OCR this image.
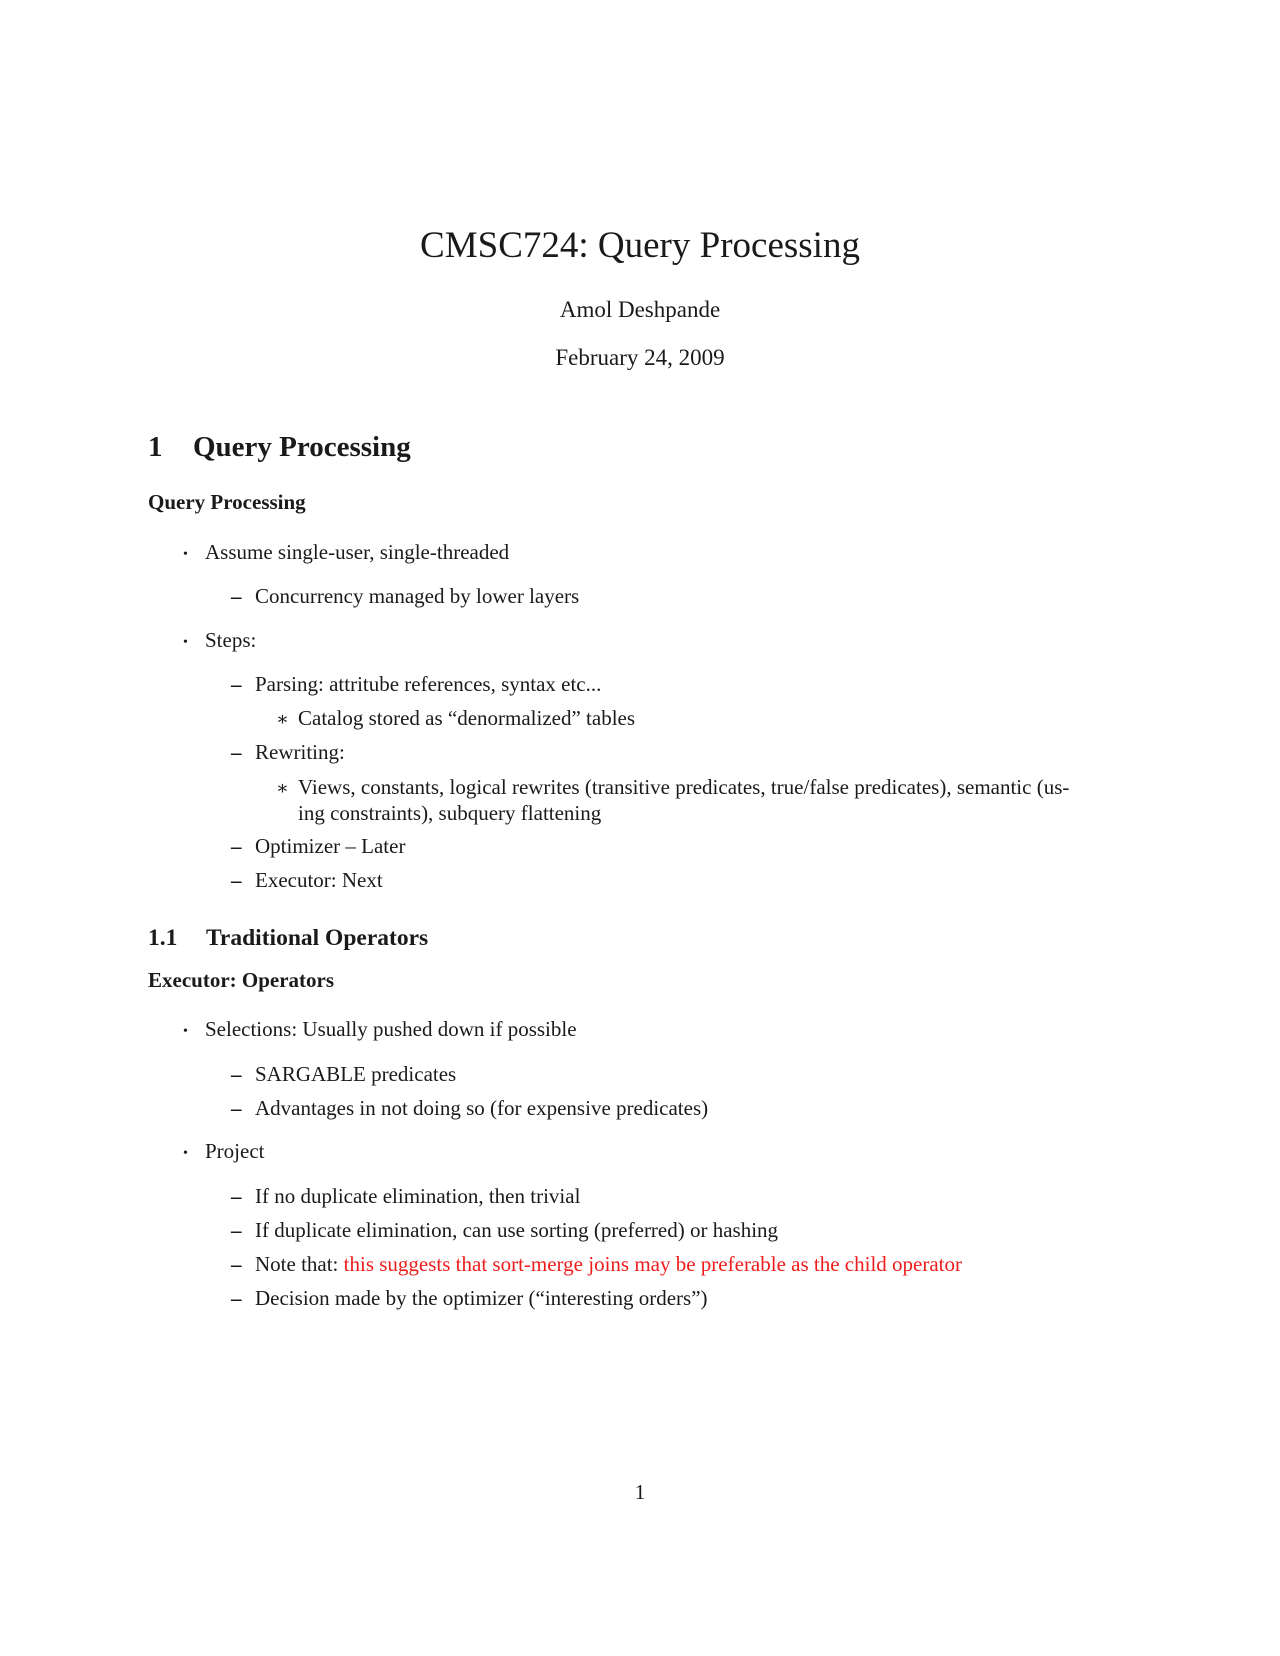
CMSC724: Query Processing
Amol Deshpande
February 24, 2009
1 Query Processing
Query Processing
• Assume single-user, single-threaded
– Concurrency managed by lower layers
• Steps:
– Parsing: attritube references, syntax etc...
∗ Catalog stored as “denormalized” tables
– Rewriting:
∗ Views, constants, logical rewrites (transitive predicates, true/false predicates), semantic (us-
ing constraints), subquery flattening
– Optimizer – Later
– Executor: Next
1.1 Traditional Operators
Executor: Operators
• Selections: Usually pushed down if possible
– SARGABLE predicates
– Advantages in not doing so (for expensive predicates)
• Project
– If no duplicate elimination, then trivial
– If duplicate elimination, can use sorting (preferred) or hashing
– Note that: this suggests that sort-merge joins may be preferable as the child operator
– Decision made by the optimizer (“interesting orders”)
1
